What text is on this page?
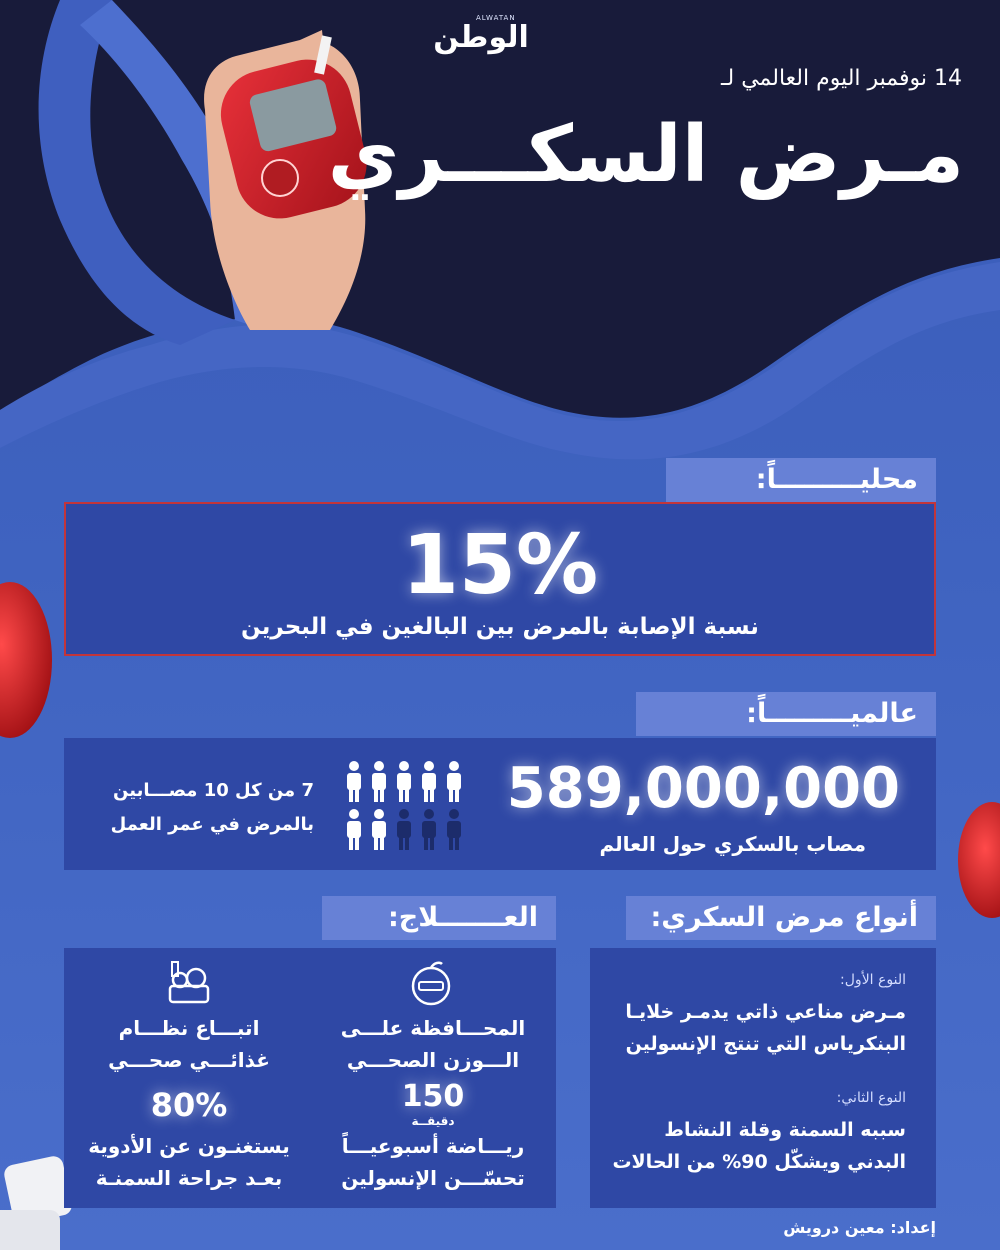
ALWATAN
الوطن
14 نوفمبر اليوم العالمي لـ
مـرض السكـــري
محليـــــــــاً:
15%
نسبة الإصابة بالمرض بين البالغين في البحرين
عالميـــــــــاً:
589,000,000
مصاب بالسكري حول العالم
7 من كل 10 مصـــابين
بالمرض في عمر العمل
أنواع مرض السكري:
النوع الأول:
مـرض مناعي ذاتي يدمـر خلايـا
البنكرياس التي تنتج الإنسولين
النوع الثاني:
سببه السمنة وقلة النشاط
البدني ويشكّل 90% من الحالات
العـــــــلاج:
اتبـــاع نظـــام
غذائـــي صحـــي
80%
يستغنـون عن الأدوية
بعـد جراحة السمنـة
المحـــافظة علـــى
الـــوزن الصحـــي
150
دقيقــة
ريـــاضة أسبوعيـــاً
تحسّـــن الإنسولين
إعداد: معين درويش
